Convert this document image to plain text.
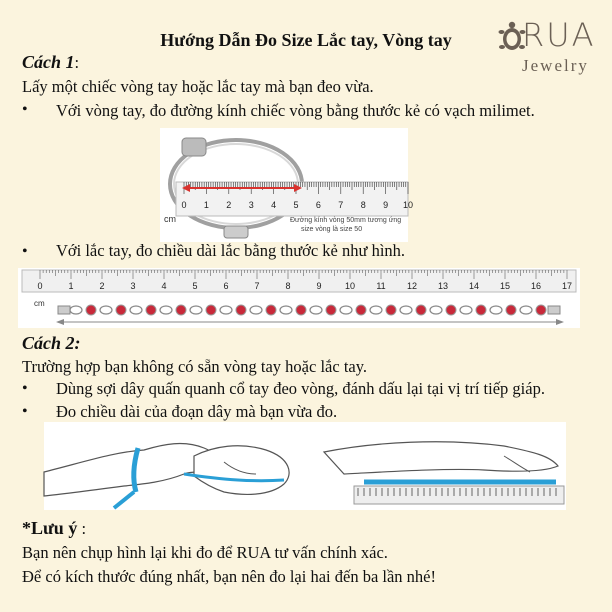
Hướng Dẫn Đo Size Lắc tay, Vòng tay	RUA
Jewelry
Cách 1:
Lấy một chiếc vòng tay hoặc lắc tay mà bạn đeo vừa.
• Với vòng tay, đo đường kính chiếc vòng bằng thước kẻ có vạch milimet.
0 1 2 3 4 5 6 7 8 9 10
cm	Đường kính vòng 50mm tương ứng
size vòng là size 50
• Với lắc tay, đo chiều dài lắc bằng thước kẻ như hình.
0	1	2	3	4	5	6	7	8	9	10 11 12 13 14 15 16 17
cm
Cách 2:
Trường hợp bạn không có sẵn vòng tay hoặc lắc tay.
• Dùng sợi dây quấn quanh cổ tay đeo vòng, đánh dấu lại tại vị trí tiếp giáp.
• Đo chiều dài của đoạn dây mà bạn vừa đo.
*Lưu ý :
Bạn nên chụp hình lại khi đo để RUA tư vấn chính xác.
Để có kích thước đúng nhất, bạn nên đo lại hai đến ba lần nhé!
